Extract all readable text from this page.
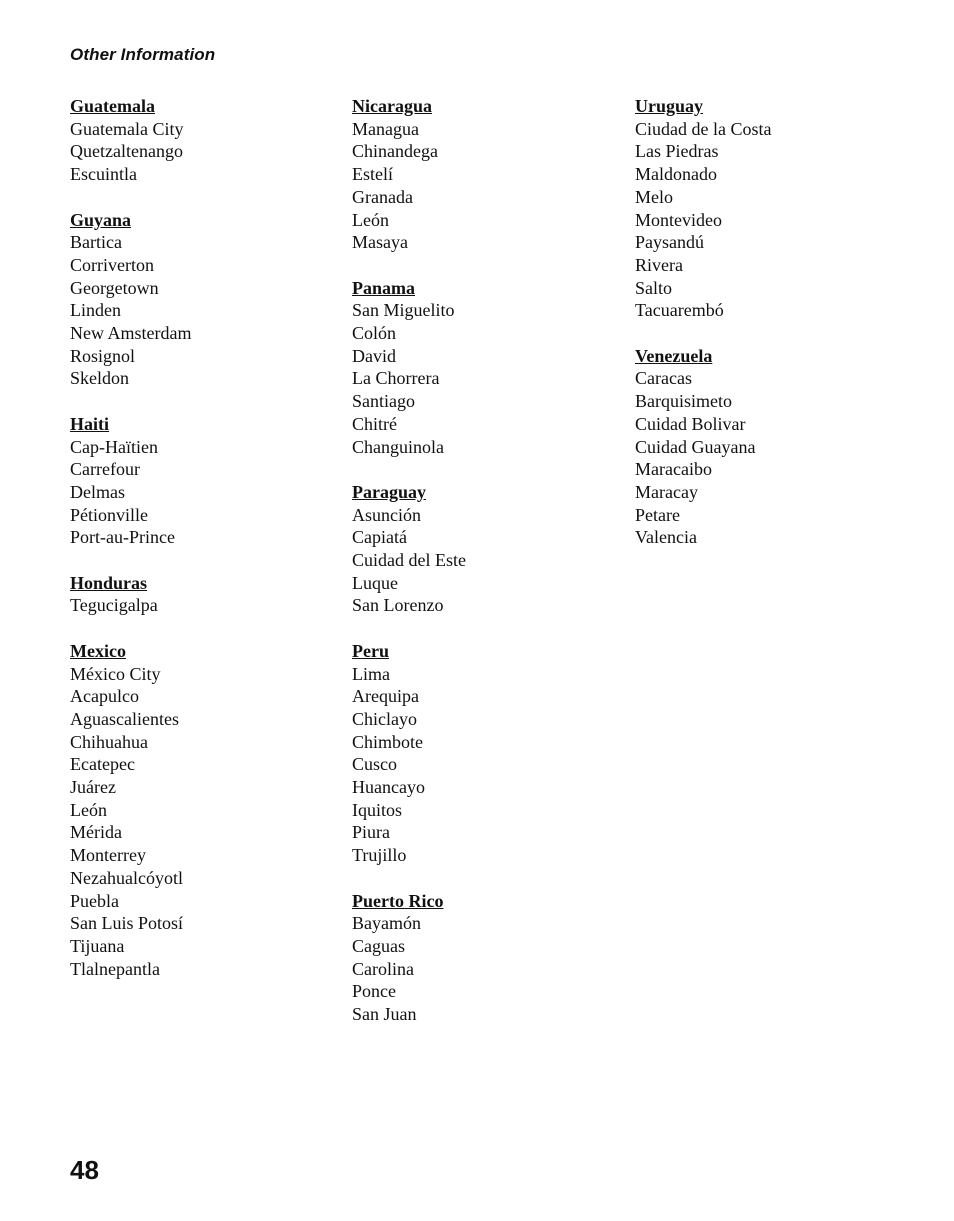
Other Information
Guatemala
Guatemala City
Quetzaltenango
Escuintla
Guyana
Bartica
Corriverton
Georgetown
Linden
New Amsterdam
Rosignol
Skeldon
Haiti
Cap-Haïtien
Carrefour
Delmas
Pétionville
Port-au-Prince
Honduras
Tegucigalpa
Mexico
México City
Acapulco
Aguascalientes
Chihuahua
Ecatepec
Juárez
León
Mérida
Monterrey
Nezahualcóyotl
Puebla
San Luis Potosí
Tijuana
Tlalnepantla
Nicaragua
Managua
Chinandega
Estelí
Granada
León
Masaya
Panama
San Miguelito
Colón
David
La Chorrera
Santiago
Chitré
Changuinola
Paraguay
Asunción
Capiatá
Cuidad del Este
Luque
San Lorenzo
Peru
Lima
Arequipa
Chiclayo
Chimbote
Cusco
Huancayo
Iquitos
Piura
Trujillo
Puerto Rico
Bayamón
Caguas
Carolina
Ponce
San Juan
Uruguay
Ciudad de la Costa
Las Piedras
Maldonado
Melo
Montevideo
Paysandú
Rivera
Salto
Tacuarembó
Venezuela
Caracas
Barquisimeto
Cuidad Bolivar
Cuidad Guayana
Maracaibo
Maracay
Petare
Valencia
48
